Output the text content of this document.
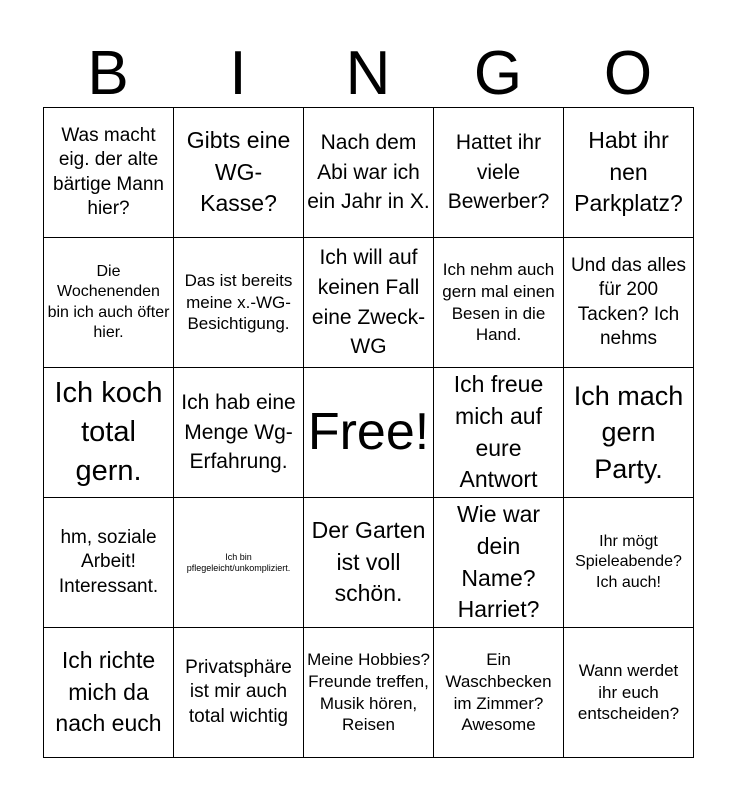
B	I	N	G	O
Was macht eig. der alte bärtige Mann hier?
Gibts eine WG-Kasse?
Nach dem Abi war ich ein Jahr in X.
Hattet ihr viele Bewerber?
Habt ihr nen Parkplatz?
Die Wochenenden bin ich auch öfter hier.
Das ist bereits meine x.-WG-Besichtigung.
Ich will auf keinen Fall eine Zweck-WG
Ich nehm auch gern mal einen Besen in die Hand.
Und das alles für 200 Tacken? Ich nehms
Ich koch total gern.
Ich hab eine Menge Wg-Erfahrung.
Free!
Ich freue mich auf eure Antwort
Ich mach gern Party.
hm, soziale Arbeit! Interessant.
Ich bin pflegeleicht/unkompliziert.
Der Garten ist voll schön.
Wie war dein Name? Harriet?
Ihr mögt Spieleabende? Ich auch!
Ich richte mich da nach euch
Privatsphäre ist mir auch total wichtig
Meine Hobbies? Freunde treffen, Musik hören, Reisen
Ein Waschbecken im Zimmer? Awesome
Wann werdet ihr euch entscheiden?
